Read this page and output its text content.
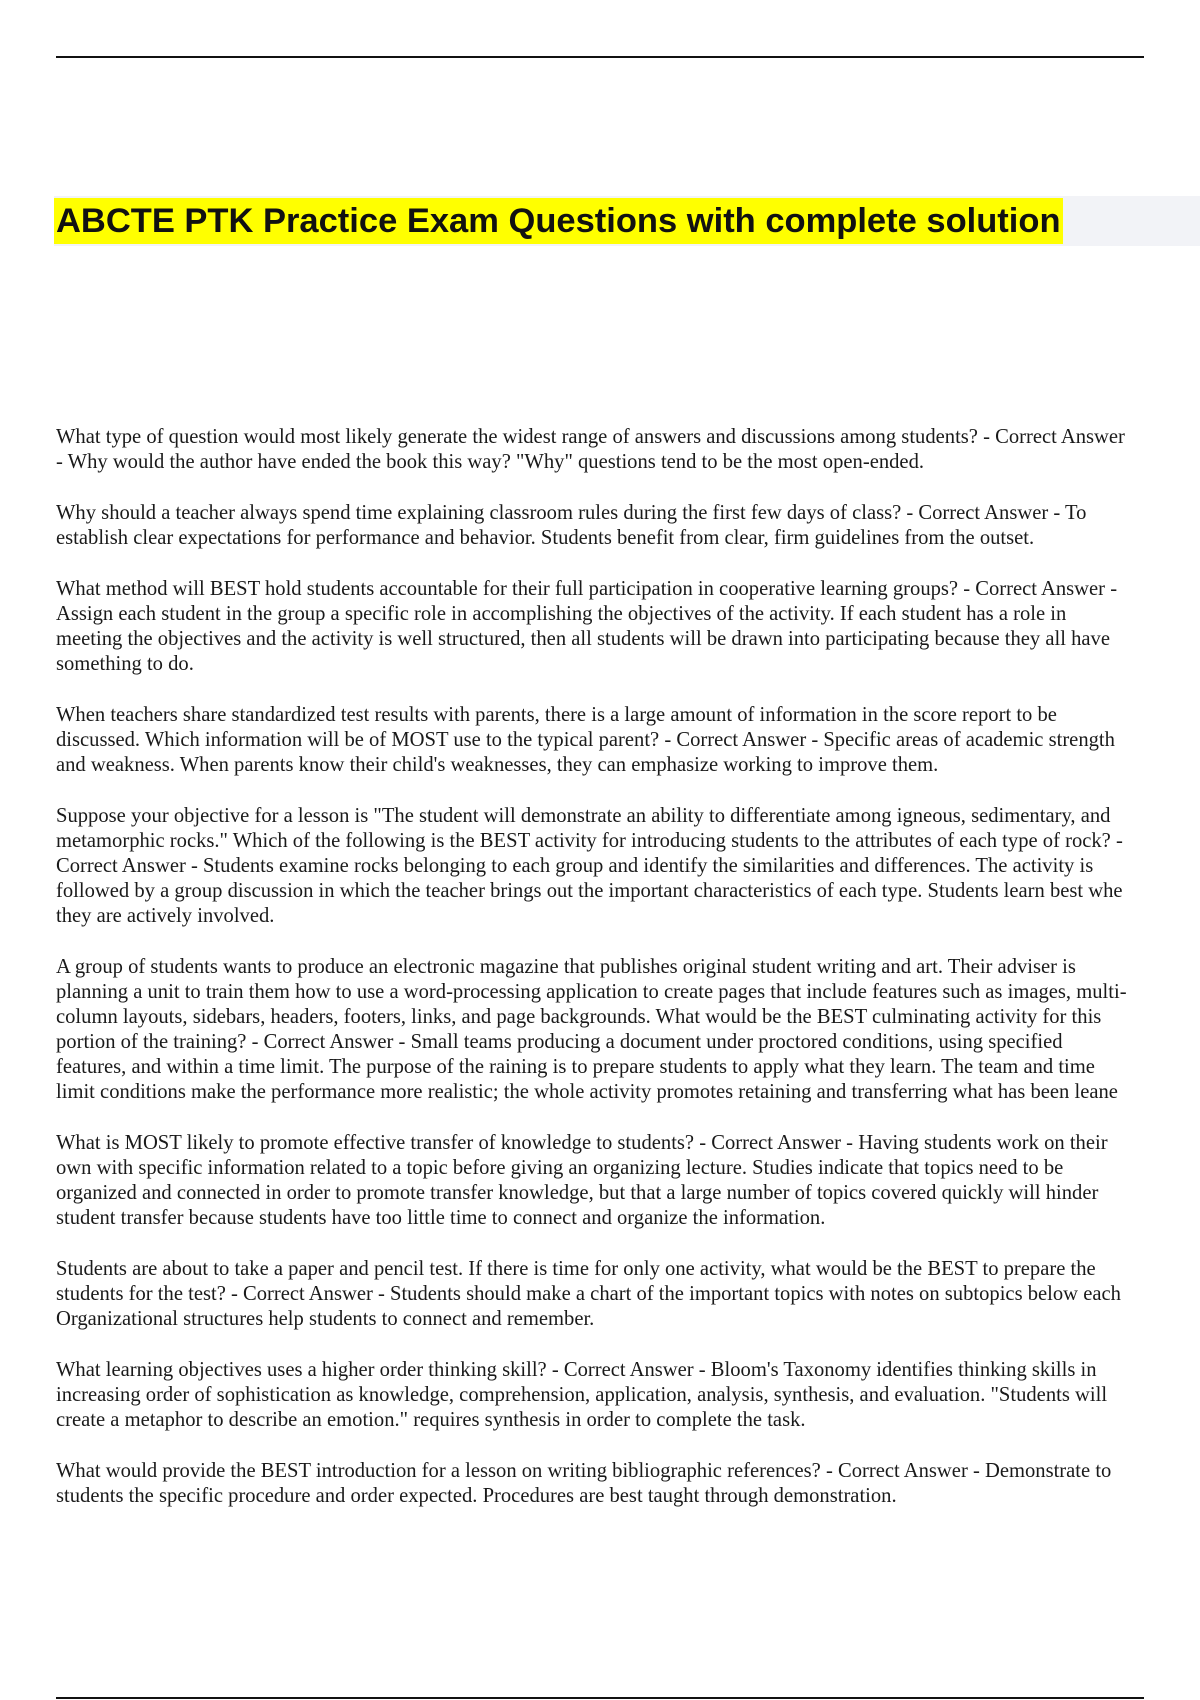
ABCTE PTK Practice Exam Questions with complete solution
What type of question would most likely generate the widest range of answers and discussions among students? - Correct Answer
- Why would the author have ended the book this way? "Why" questions tend to be the most open-ended.
Why should a teacher always spend time explaining classroom rules during the first few days of class? - Correct Answer - To
establish clear expectations for performance and behavior. Students benefit from clear, firm guidelines from the outset.
What method will BEST hold students accountable for their full participation in cooperative learning groups? - Correct Answer -
Assign each student in the group a specific role in accomplishing the objectives of the activity. If each student has a role in
meeting the objectives and the activity is well structured, then all students will be drawn into participating because they all have
something to do.
When teachers share standardized test results with parents, there is a large amount of information in the score report to be
discussed. Which information will be of MOST use to the typical parent? - Correct Answer - Specific areas of academic strength
and weakness. When parents know their child's weaknesses, they can emphasize working to improve them.
Suppose your objective for a lesson is "The student will demonstrate an ability to differentiate among igneous, sedimentary, and
metamorphic rocks." Which of the following is the BEST activity for introducing students to the attributes of each type of rock? -
Correct Answer - Students examine rocks belonging to each group and identify the similarities and differences. The activity is
followed by a group discussion in which the teacher brings out the important characteristics of each type. Students learn best whe
they are actively involved.
A group of students wants to produce an electronic magazine that publishes original student writing and art. Their adviser is
planning a unit to train them how to use a word-processing application to create pages that include features such as images, multi-
column layouts, sidebars, headers, footers, links, and page backgrounds. What would be the BEST culminating activity for this
portion of the training? - Correct Answer - Small teams producing a document under proctored conditions, using specified
features, and within a time limit. The purpose of the raining is to prepare students to apply what they learn. The team and time
limit conditions make the performance more realistic; the whole activity promotes retaining and transferring what has been leane
What is MOST likely to promote effective transfer of knowledge to students? - Correct Answer - Having students work on their
own with specific information related to a topic before giving an organizing lecture. Studies indicate that topics need to be
organized and connected in order to promote transfer knowledge, but that a large number of topics covered quickly will hinder
student transfer because students have too little time to connect and organize the information.
Students are about to take a paper and pencil test. If there is time for only one activity, what would be the BEST to prepare the
students for the test? - Correct Answer - Students should make a chart of the important topics with notes on subtopics below each
Organizational structures help students to connect and remember.
What learning objectives uses a higher order thinking skill? - Correct Answer - Bloom's Taxonomy identifies thinking skills in
increasing order of sophistication as knowledge, comprehension, application, analysis, synthesis, and evaluation. "Students will
create a metaphor to describe an emotion." requires synthesis in order to complete the task.
What would provide the BEST introduction for a lesson on writing bibliographic references? - Correct Answer - Demonstrate to
students the specific procedure and order expected. Procedures are best taught through demonstration.
